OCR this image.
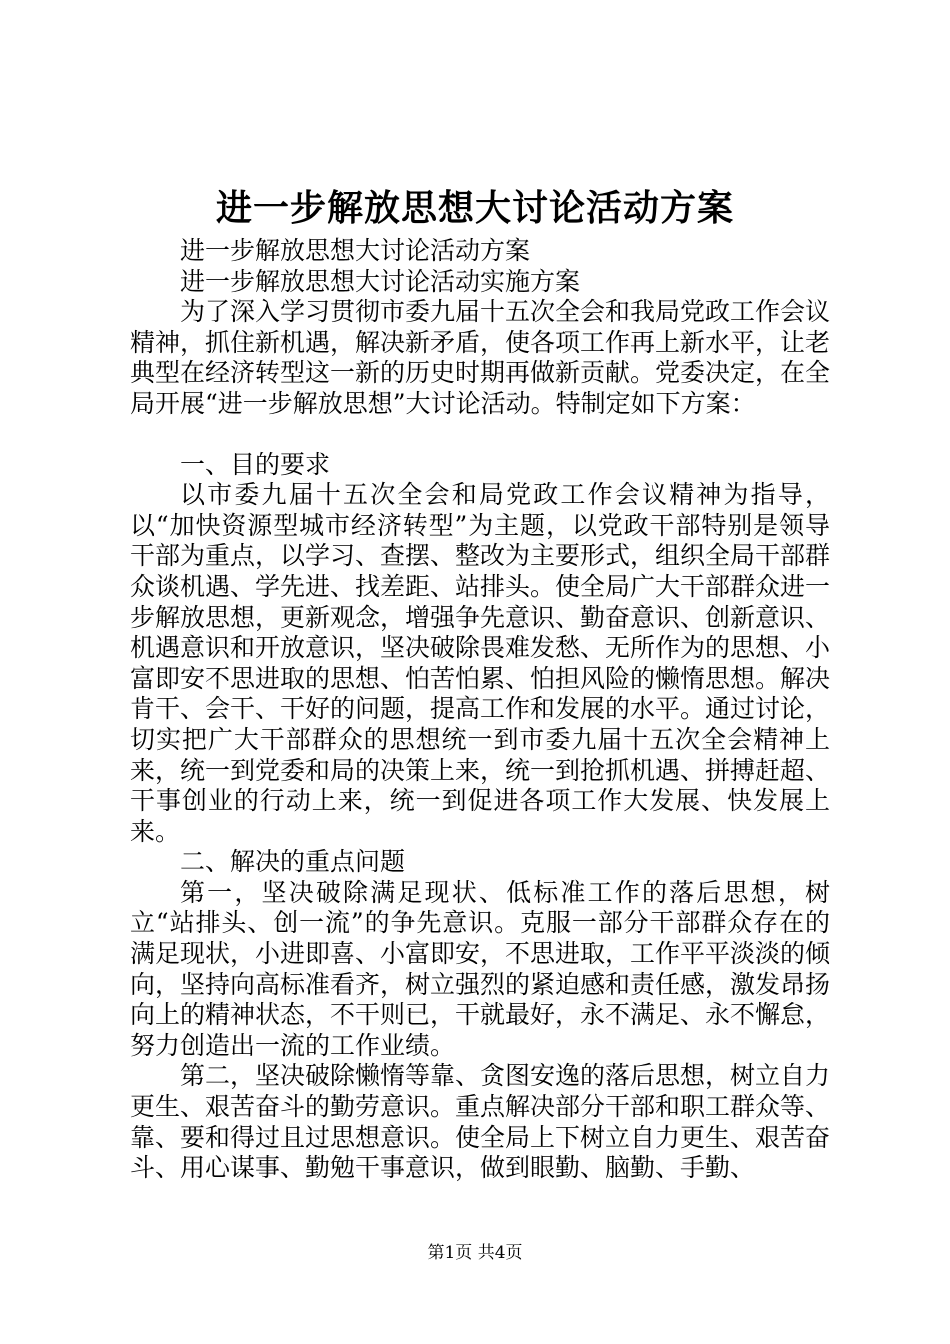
进一步解放思想大讨论活动方案

进一步解放思想大讨论活动方案

进一步解放思想大讨论活动实施方案

为了深入学习贯彻市委九届十五次全会和我局党政工作会议精神，抓住新机遇，解决新矛盾，使各项工作再上新水平，让老典型在经济转型这一新的历史时期再做新贡献。党委决定，在全局开展“进一步解放思想”大讨论活动。特制定如下方案：

一、目的要求

以市委九届十五次全会和局党政工作会议精神为指导，以“加快资源型城市经济转型”为主题，以党政干部特别是领导干部为重点，以学习、查摆、整改为主要形式，组织全局干部群众谈机遇、学先进、找差距、站排头。使全局广大干部群众进一步解放思想，更新观念，增强争先意识、勤奋意识、创新意识、机遇意识和开放意识，坚决破除畏难发愁、无所作为的思想、小富即安不思进取的思想、怕苦怕累、怕担风险的懒惰思想。解决肯干、会干、干好的问题，提高工作和发展的水平。通过讨论，切实把广大干部群众的思想统一到市委九届十五次全会精神上来，统一到党委和局的决策上来，统一到抢抓机遇、拼搏赶超、干事创业的行动上来，统一到促进各项工作大发展、快发展上来。

二、解决的重点问题

第一，坚决破除满足现状、低标准工作的落后思想，树立“站排头、创一流”的争先意识。克服一部分干部群众存在的满足现状，小进即喜、小富即安，不思进取，工作平平淡淡的倾向，坚持向高标准看齐，树立强烈的紧迫感和责任感，激发昂扬向上的精神状态，不干则已，干就最好，永不满足、永不懈怠，努力创造出一流的工作业绩。

第二，坚决破除懒惰等靠、贪图安逸的落后思想，树立自力更生、艰苦奋斗的勤劳意识。重点解决部分干部和职工群众等、靠、要和得过且过思想意识。使全局上下树立自力更生、艰苦奋斗、用心谋事、勤勉干事意识，做到眼勤、脑勤、手勤、

第1页 共4页
